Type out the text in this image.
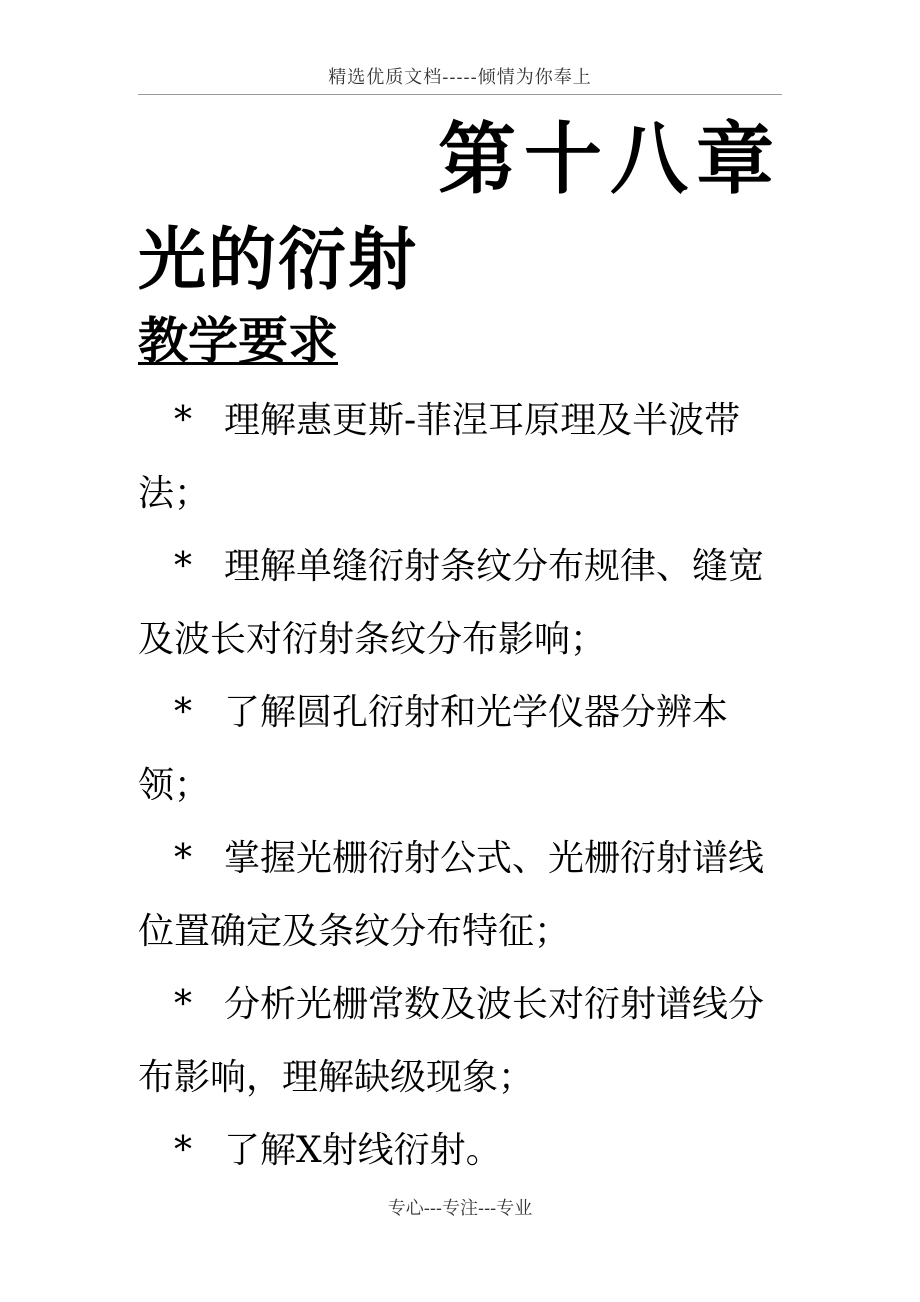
精选优质文档-----倾情为你奉上
第十八章
光的衍射
教学要求
* 理解惠更斯-菲涅耳原理及半波带法；
* 理解单缝衍射条纹分布规律、缝宽及波长对衍射条纹分布影响；
* 了解圆孔衍射和光学仪器分辨本领；
* 掌握光栅衍射公式、光栅衍射谱线位置确定及条纹分布特征；
* 分析光栅常数及波长对衍射谱线分布影响，理解缺级现象；
* 了解X射线衍射。
专心---专注---专业
